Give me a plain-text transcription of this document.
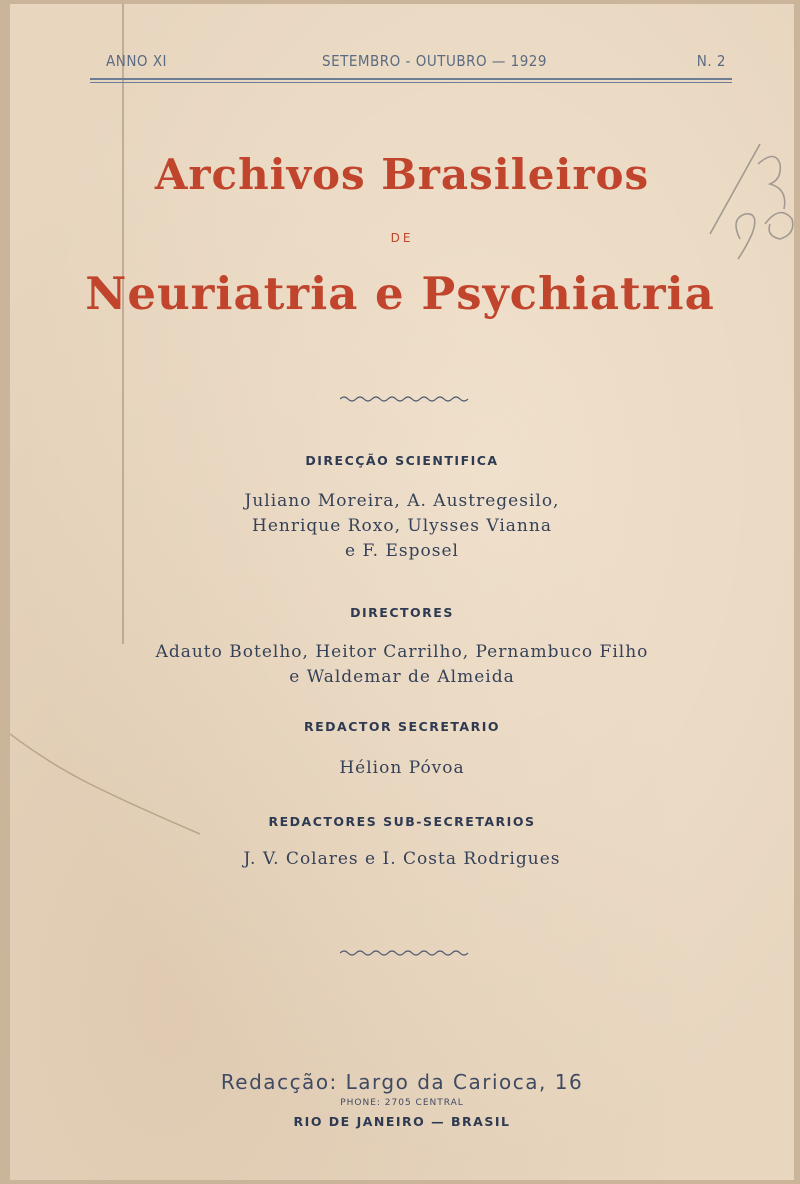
ANNO XI	SETEMBRO - OUTUBRO — 1929	N. 2
Archivos Brasileiros
DE
Neuriatria e Psychiatria	15/20
DIRECÇÃO SCIENTIFICA
Juliano Moreira, A. Austregesilo,
Henrique Roxo, Ulysses Vianna
e F. Esposel
DIRECTORES
Adauto Botelho, Heitor Carrilho, Pernambuco Filho
e Waldemar de Almeida
REDACTOR SECRETARIO
Hélion Póvoa
REDACTORES SUB-SECRETARIOS
J. V. Colares e I. Costa Rodrigues
Redacção: Largo da Carioca, 16
PHONE: 2705 CENTRAL
RIO DE JANEIRO — BRASIL
